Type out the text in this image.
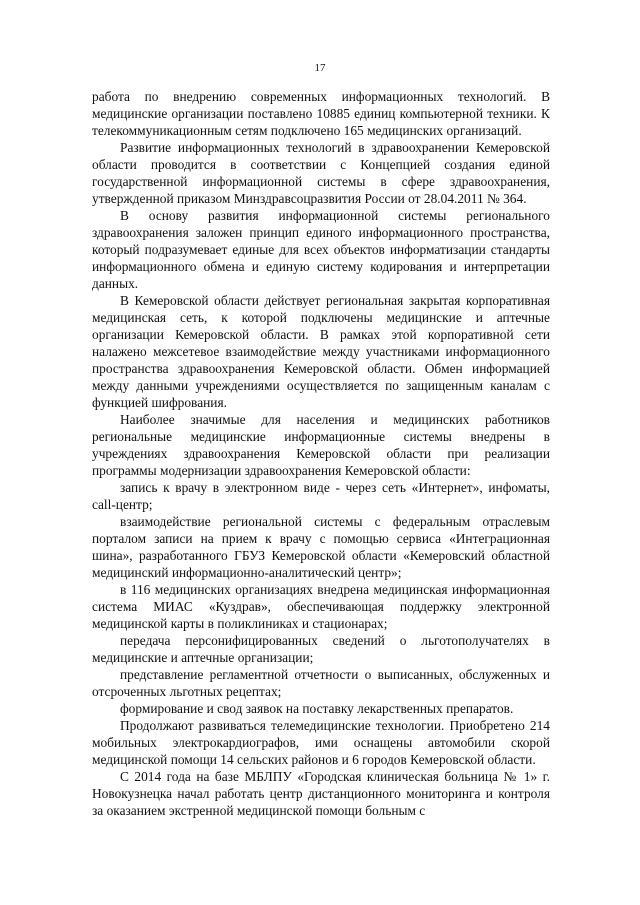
17

работа по внедрению современных информационных технологий. В медицинские организации поставлено 10885 единиц компьютерной техники. К телекоммуникационным сетям подключено 165 медицинских организаций.

Развитие информационных технологий в здравоохранении Кемеровской области проводится в соответствии с Концепцией создания единой государственной информационной системы в сфере здравоохранения, утвержденной приказом Минздравсоцразвития России от 28.04.2011 № 364.

В основу развития информационной системы регионального здравоохранения заложен принцип единого информационного пространства, который подразумевает единые для всех объектов информатизации стандарты информационного обмена и единую систему кодирования и интерпретации данных.

В Кемеровской области действует региональная закрытая корпоративная медицинская сеть, к которой подключены медицинские и аптечные организации Кемеровской области. В рамках этой корпоративной сети налажено межсетевое взаимодействие между участниками информационного пространства здравоохранения Кемеровской области. Обмен информацией между данными учреждениями осуществляется по защищенным каналам с функцией шифрования.

Наиболее значимые для населения и медицинских работников региональные медицинские информационные системы внедрены в учреждениях здравоохранения Кемеровской области при реализации программы модернизации здравоохранения Кемеровской области:

запись к врачу в электронном виде - через сеть «Интернет», инфоматы, call-центр;

взаимодействие региональной системы с федеральным отраслевым порталом записи на прием к врачу с помощью сервиса «Интеграционная шина», разработанного ГБУЗ Кемеровской области «Кемеровский областной медицинский информационно-аналитический центр»;

в 116 медицинских организациях внедрена медицинская информационная система МИАС «Куздрав», обеспечивающая поддержку электронной медицинской карты в поликлиниках и стационарах;

передача персонифицированных сведений о льготополучателях в медицинские и аптечные организации;

представление регламентной отчетности о выписанных, обслуженных и отсроченных льготных рецептах;

формирование и свод заявок на поставку лекарственных препаратов.

Продолжают развиваться телемедицинские технологии. Приобретено 214 мобильных электрокардиографов, ими оснащены автомобили скорой медицинской помощи 14 сельских районов и 6 городов Кемеровской области.

С 2014 года на базе МБЛПУ «Городская клиническая больница № 1» г. Новокузнецка начал работать центр дистанционного мониторинга и контроля за оказанием экстренной медицинской помощи больным с
